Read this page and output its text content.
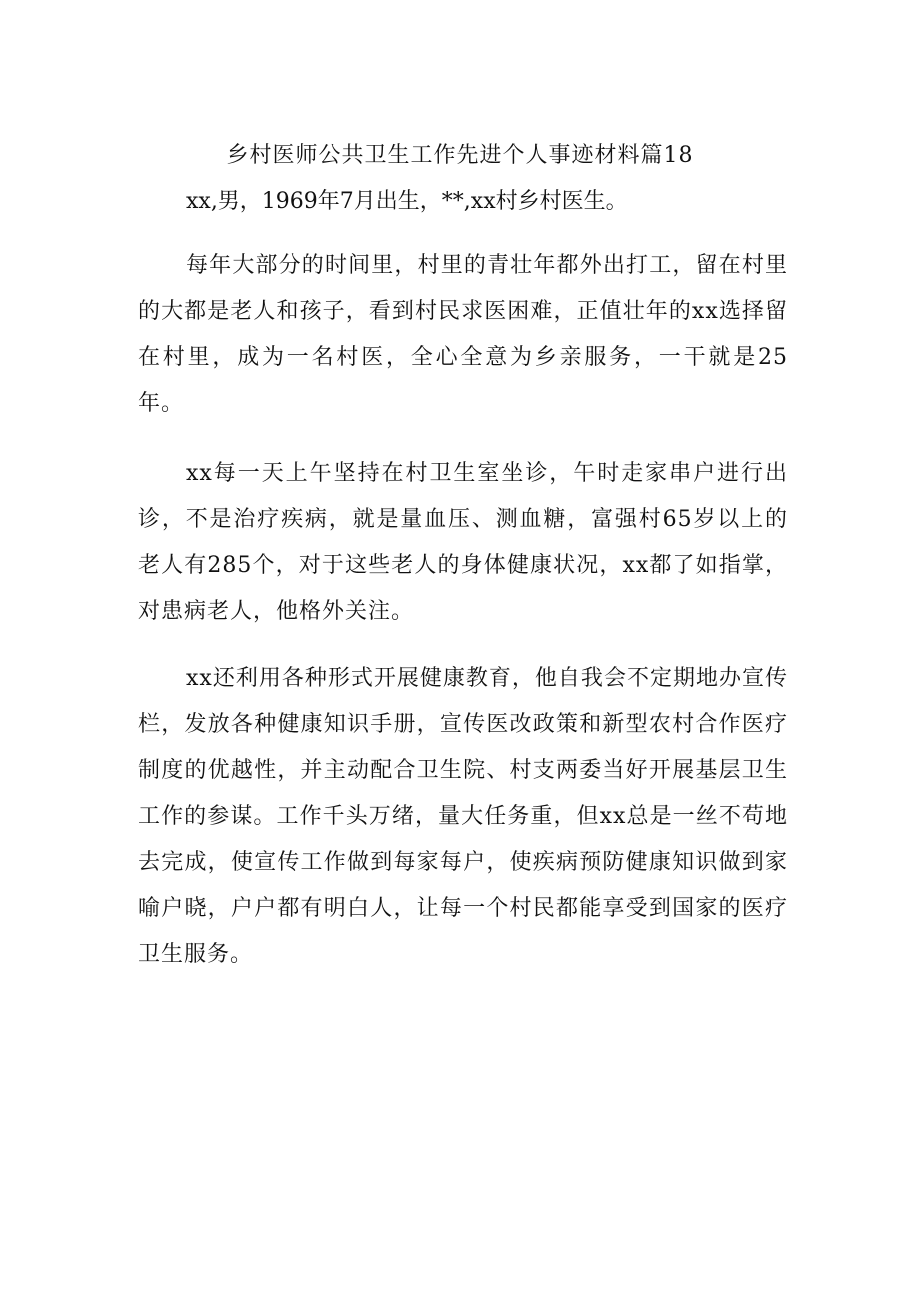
乡村医师公共卫生工作先进个人事迹材料篇18
xx,男，1969年7月出生，**,xx村乡村医生。

每年大部分的时间里，村里的青壮年都外出打工，留在村里的大都是老人和孩子，看到村民求医困难，正值壮年的xx选择留在村里，成为一名村医，全心全意为乡亲服务，一干就是25年。

xx每一天上午坚持在村卫生室坐诊，午时走家串户进行出诊，不是治疗疾病，就是量血压、测血糖，富强村65岁以上的老人有285个，对于这些老人的身体健康状况，xx都了如指掌，对患病老人，他格外关注。

xx还利用各种形式开展健康教育，他自我会不定期地办宣传栏，发放各种健康知识手册，宣传医改政策和新型农村合作医疗制度的优越性，并主动配合卫生院、村支两委当好开展基层卫生工作的参谋。工作千头万绪，量大任务重，但xx总是一丝不苟地去完成，使宣传工作做到每家每户，使疾病预防健康知识做到家喻户晓，户户都有明白人，让每一个村民都能享受到国家的医疗卫生服务。
